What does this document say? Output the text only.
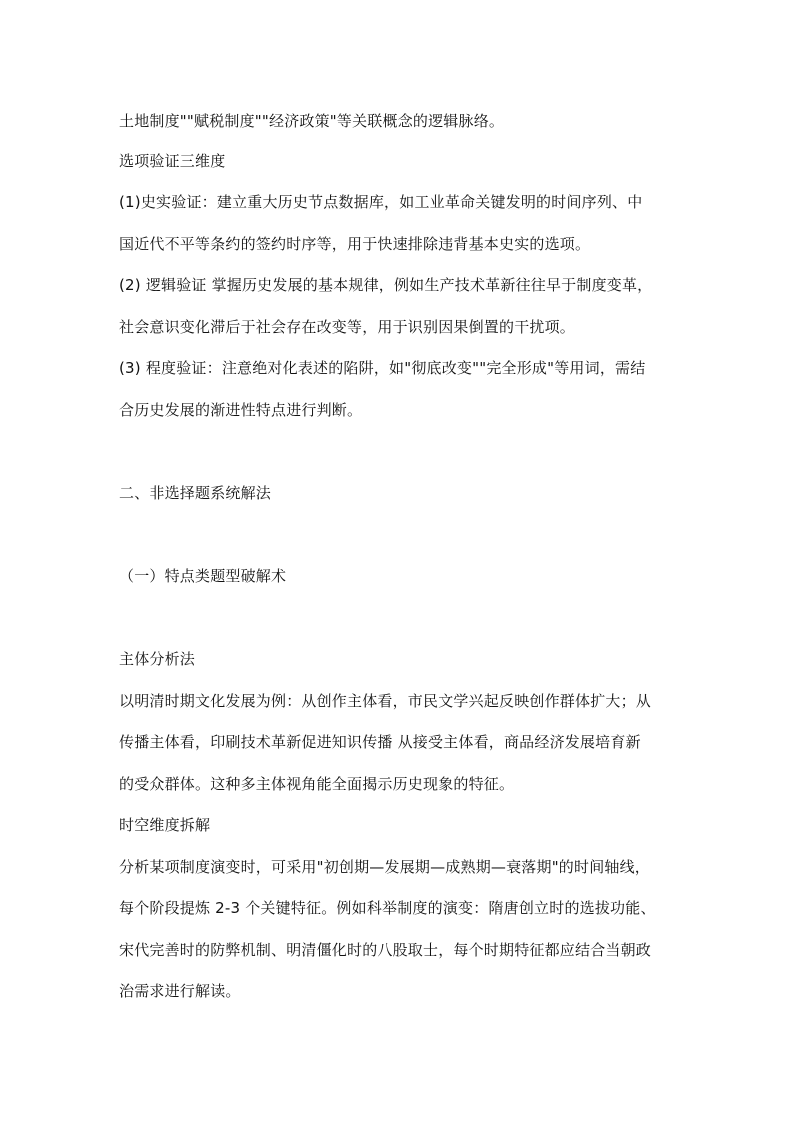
土地制度""赋税制度""经济政策"等关联概念的逻辑脉络。
选项验证三维度
(1)史实验证：建立重大历史节点数据库，如工业革命关键发明的时间序列、中
国近代不平等条约的签约时序等，用于快速排除违背基本史实的选项。
(2) 逻辑验证 掌握历史发展的基本规律，例如生产技术革新往往早于制度变革，
社会意识变化滞后于社会存在改变等，用于识别因果倒置的干扰项。
(3) 程度验证：注意绝对化表述的陷阱，如"彻底改变""完全形成"等用词，需结
合历史发展的渐进性特点进行判断。
二、非选择题系统解法
（一）特点类题型破解术
主体分析法
以明清时期文化发展为例：从创作主体看，市民文学兴起反映创作群体扩大；从
传播主体看，印刷技术革新促进知识传播 从接受主体看，商品经济发展培育新
的受众群体。这种多主体视角能全面揭示历史现象的特征。
时空维度拆解
分析某项制度演变时，可采用"初创期—发展期—成熟期—衰落期"的时间轴线，
每个阶段提炼 2-3 个关键特征。例如科举制度的演变：隋唐创立时的选拔功能、
宋代完善时的防弊机制、明清僵化时的八股取士，每个时期特征都应结合当朝政
治需求进行解读。
